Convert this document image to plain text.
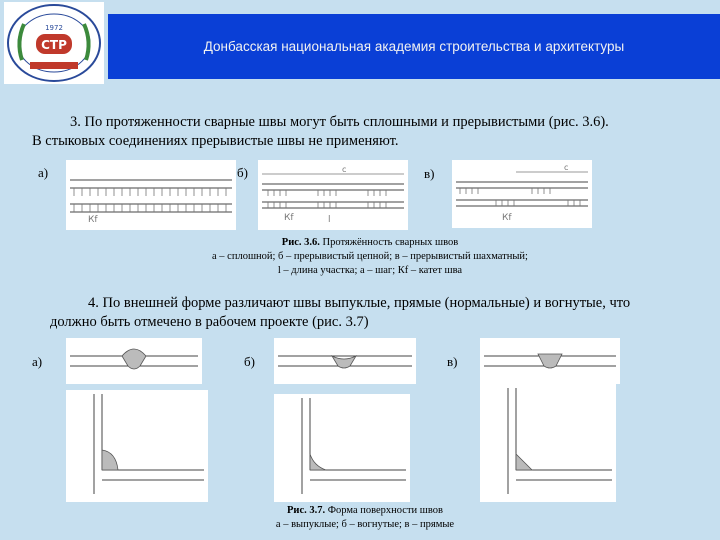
СТР
1972
Донбасская национальная академия строительства и архитектуры
3. По протяженности сварные швы могут быть сплошными и прерывистыми (рис. 3.6).
В стыковых соединениях прерывистые швы не применяют.
а)	б)	в)
Кf
c
Кf	l
c
Кf
Рис. 3.6. Протяжённость сварных швов
а – сплошной; б – прерывистый цепной; в – прерывистый шахматный;
l – длина участка; a – шаг; Кf – катет шва
4. По внешней форме различают швы выпуклые, прямые (нормальные) и вогнутые, что
должно быть отмечено в рабочем проекте (рис. 3.7)
а)	б)	в)
Рис. 3.7. Форма поверхности швов
а – выпуклые; б – вогнутые; в – прямые
